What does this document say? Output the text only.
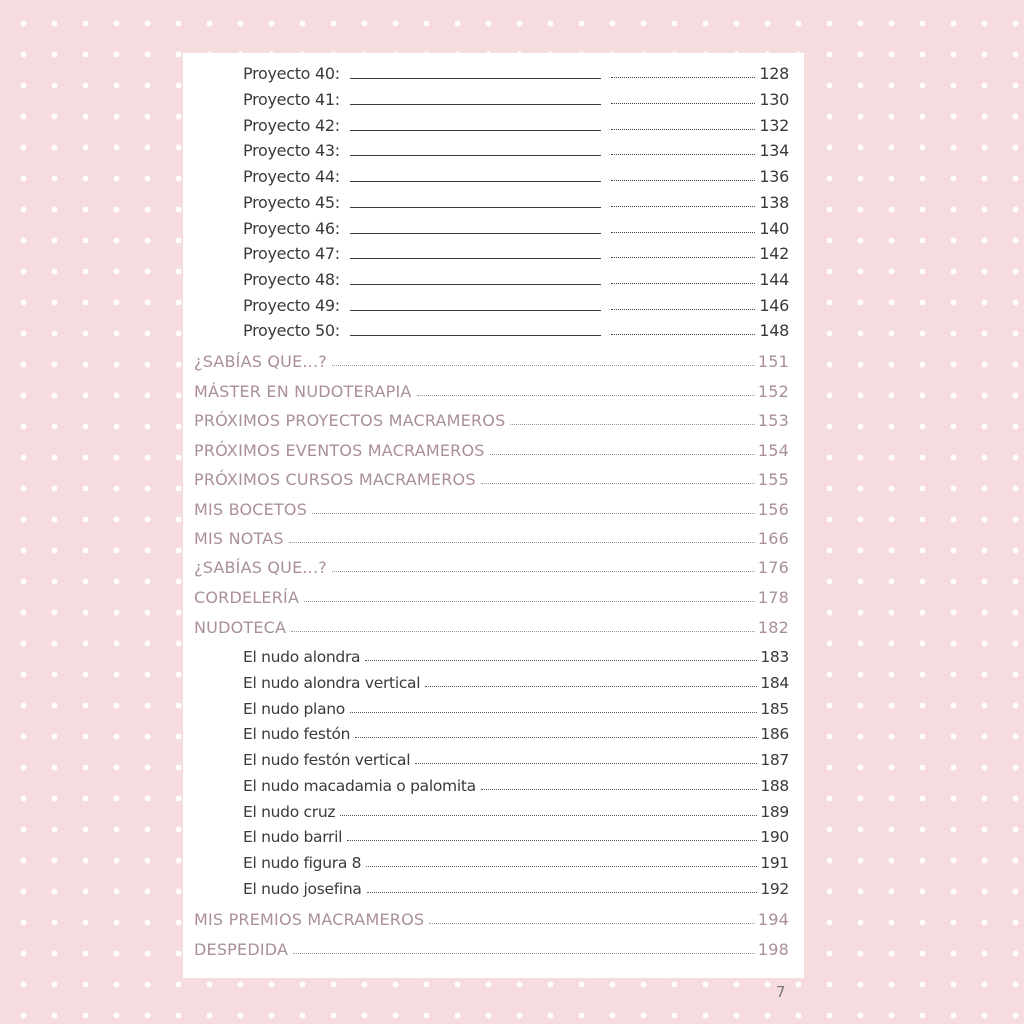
Proyecto 40:	128
Proyecto 41:	130
Proyecto 42:	132
Proyecto 43:	134
Proyecto 44:	136
Proyecto 45:	138
Proyecto 46:	140
Proyecto 47:	142
Proyecto 48:	144
Proyecto 49:	146
Proyecto 50:	148
¿SABÍAS QUE...?	151
MÁSTER EN NUDOTERAPIA	152
PRÓXIMOS PROYECTOS MACRAMEROS	153
PRÓXIMOS EVENTOS MACRAMEROS	154
PRÓXIMOS CURSOS MACRAMEROS	155
MIS BOCETOS	156
MIS NOTAS	166
¿SABÍAS QUE...?	176
CORDELERÍA	178
NUDOTECA	182
El nudo alondra	183
El nudo alondra vertical	184
El nudo plano	185
El nudo festón	186
El nudo festón vertical	187
El nudo macadamia o palomita	188
El nudo cruz	189
El nudo barril	190
El nudo figura 8	191
El nudo josefina	192
MIS PREMIOS MACRAMEROS	194
DESPEDIDA	198
7
